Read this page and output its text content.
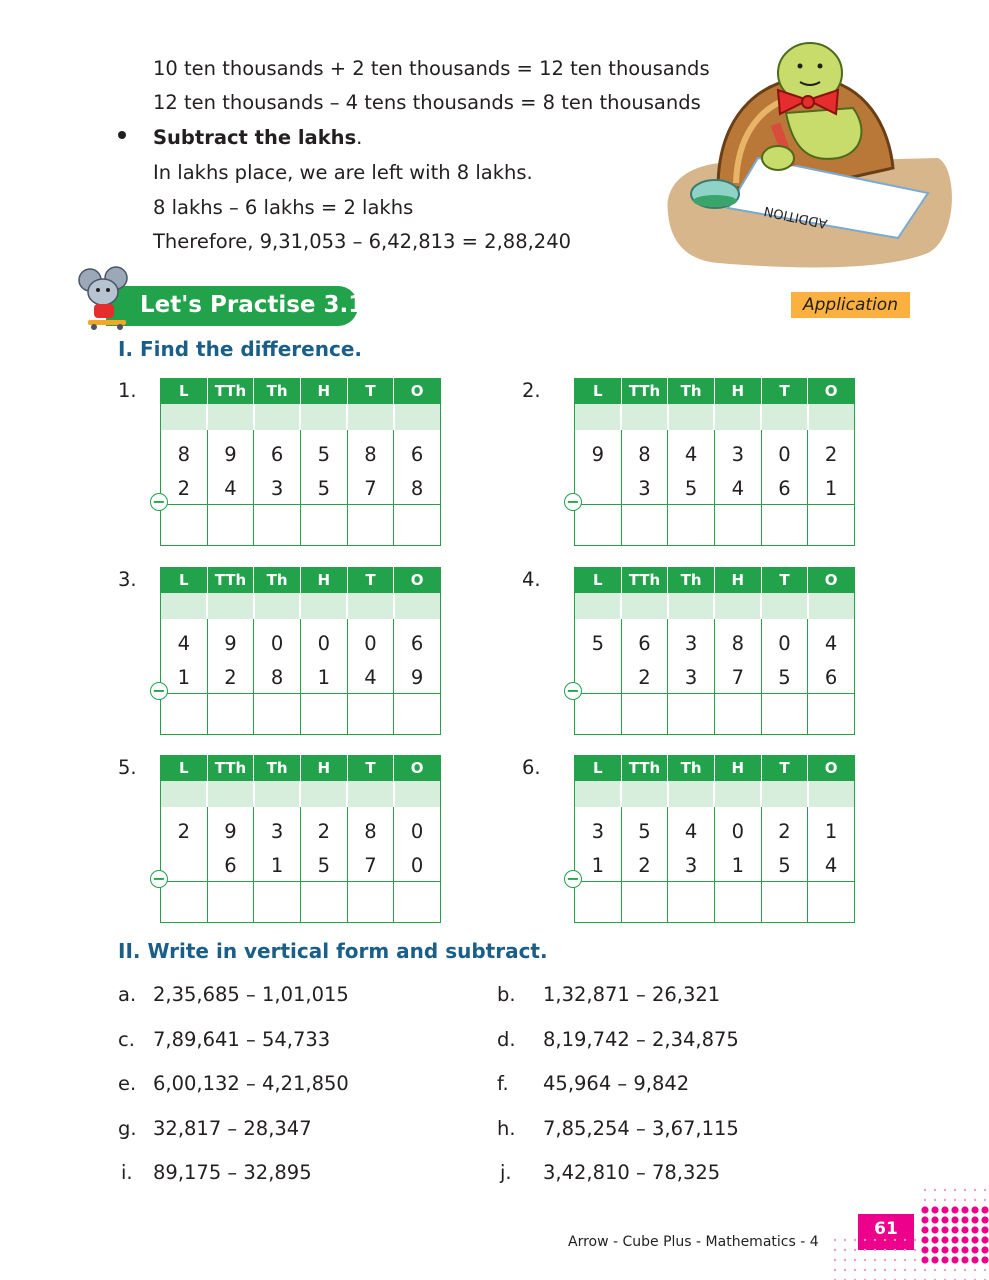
10 ten thousands + 2 ten thousands = 12 ten thousands
12 ten thousands – 4 tens thousands = 8 ten thousands
Subtract the lakhs.
In lakhs place, we are left with 8 lakhs.
8 lakhs – 6 lakhs = 2 lakhs
Therefore, 9,31,053 – 6,42,813 = 2,88,240
ADDITION
Let's Practise 3.11	Application
I. Find the difference.
1.	L	TTh	Th	H	T	O

8	9	6	5	8	6
2	4	3	5	7	8

−
2.	L	TTh	Th	H	T	O

9	8	4	3	0	2
	3	5	4	6	1

−
3.	L	TTh	Th	H	T	O

4	9	0	0	0	6
1	2	8	1	4	9

−
4.	L	TTh	Th	H	T	O

5	6	3	8	0	4
	2	3	7	5	6

−
5.	L	TTh	Th	H	T	O

2	9	3	2	8	0
	6	1	5	7	0

−
6.	L	TTh	Th	H	T	O

3	5	4	0	2	1
1	2	3	1	5	4

−
II. Write in vertical form and subtract.
a. 2,35,685 – 1,01,015	b. 1,32,871 – 26,321
c. 7,89,641 – 54,733	d. 8,19,742 – 2,34,875
e. 6,00,132 – 4,21,850	f. 45,964 – 9,842
g. 32,817 – 28,347	h. 7,85,254 – 3,67,115
i. 89,175 – 32,895	j. 3,42,810 – 78,325
Arrow - Cube Plus - Mathematics - 4
61
